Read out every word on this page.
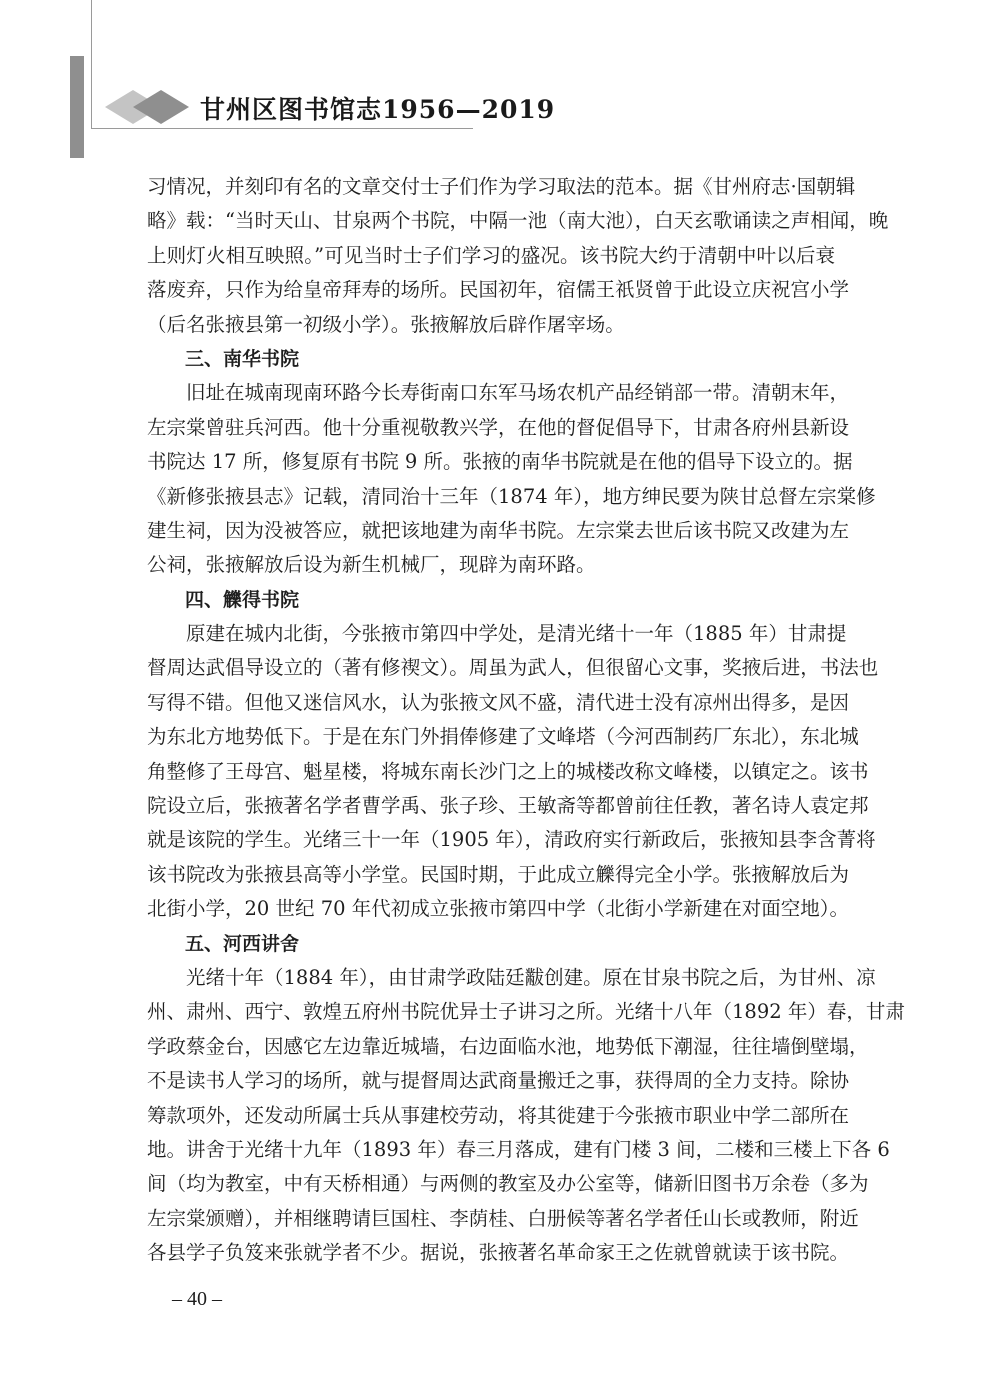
甘州区图书馆志1956—2019
习情况，并刻印有名的文章交付士子们作为学习取法的范本。据《甘州府志·国朝辑
略》载：“当时天山、甘泉两个书院，中隔一池（南大池），白天玄歌诵读之声相闻，晚
上则灯火相互映照。”可见当时士子们学习的盛况。该书院大约于清朝中叶以后衰
落废弃，只作为给皇帝拜寿的场所。民国初年，宿儒王祇贤曾于此设立庆祝宫小学
（后名张掖县第一初级小学）。张掖解放后辟作屠宰场。
三、南华书院
　　旧址在城南现南环路今长寿街南口东军马场农机产品经销部一带。清朝末年，
左宗棠曾驻兵河西。他十分重视敬教兴学，在他的督促倡导下，甘肃各府州县新设
书院达 17 所，修复原有书院 9 所。张掖的南华书院就是在他的倡导下设立的。据
《新修张掖县志》记载，清同治十三年（1874 年），地方绅民要为陕甘总督左宗棠修
建生祠，因为没被答应，就把该地建为南华书院。左宗棠去世后该书院又改建为左
公祠，张掖解放后设为新生机械厂，现辟为南环路。
四、觻得书院
　　原建在城内北街，今张掖市第四中学处，是清光绪十一年（1885 年）甘肃提
督周达武倡导设立的（著有修禊文）。周虽为武人，但很留心文事，奖掖后进，书法也
写得不错。但他又迷信风水，认为张掖文风不盛，清代进士没有凉州出得多，是因
为东北方地势低下。于是在东门外捐俸修建了文峰塔（今河西制药厂东北），东北城
角整修了王母宫、魁星楼，将城东南长沙门之上的城楼改称文峰楼，以镇定之。该书
院设立后，张掖著名学者曹学禹、张子珍、王敏斋等都曾前往任教，著名诗人袁定邦
就是该院的学生。光绪三十一年（1905 年），清政府实行新政后，张掖知县李含菁将
该书院改为张掖县高等小学堂。民国时期，于此成立觻得完全小学。张掖解放后为
北街小学，20 世纪 70 年代初成立张掖市第四中学（北街小学新建在对面空地）。
五、河西讲舍
　　光绪十年（1884 年），由甘肃学政陆廷黻创建。原在甘泉书院之后，为甘州、凉
州、肃州、西宁、敦煌五府州书院优异士子讲习之所。光绪十八年（1892 年）春，甘肃
学政蔡金台，因感它左边靠近城墙，右边面临水池，地势低下潮湿，往往墙倒壁塌，
不是读书人学习的场所，就与提督周达武商量搬迁之事，获得周的全力支持。除协
筹款项外，还发动所属士兵从事建校劳动，将其徙建于今张掖市职业中学二部所在
地。讲舍于光绪十九年（1893 年）春三月落成，建有门楼 3 间，二楼和三楼上下各 6
间（均为教室，中有天桥相通）与两侧的教室及办公室等，储新旧图书万余卷（多为
左宗棠颁赠），并相继聘请巨国柱、李荫桂、白册候等著名学者任山长或教师，附近
各县学子负笈来张就学者不少。据说，张掖著名革命家王之佐就曾就读于该书院。
– 40 –
